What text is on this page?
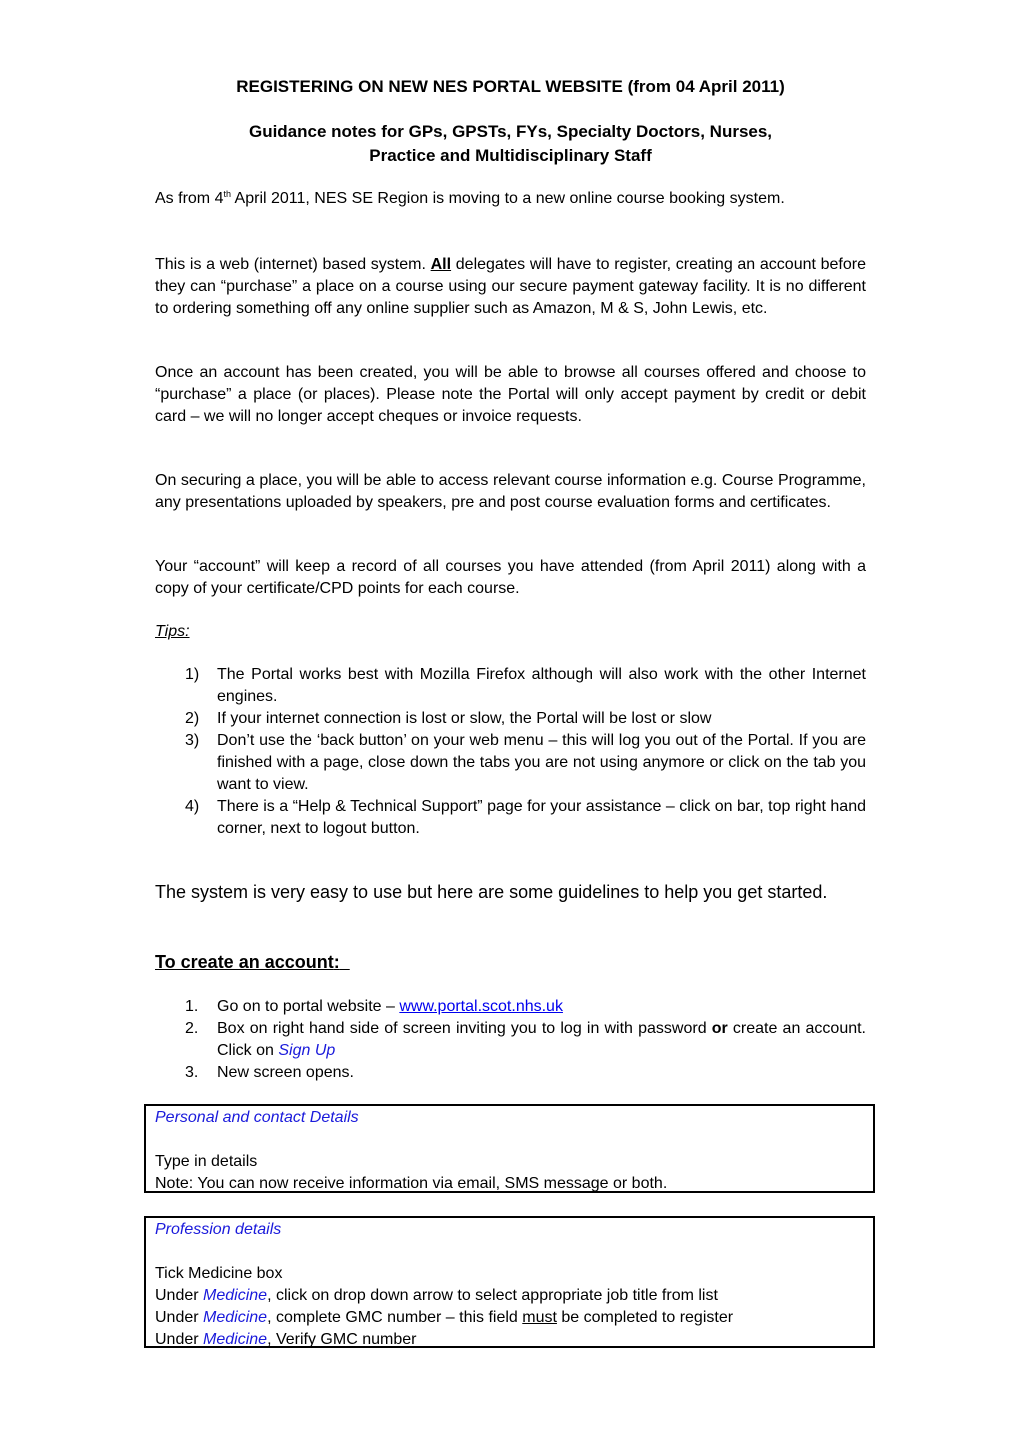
REGISTERING ON NEW NES PORTAL WEBSITE (from 04 April 2011)
Guidance notes for GPs, GPSTs, FYs, Specialty Doctors, Nurses,
Practice and Multidisciplinary Staff

As from 4th April 2011, NES SE Region is moving to a new online course booking system.

This is a web (internet) based system. All delegates will have to register, creating an account before they can “purchase” a place on a course using our secure payment gateway facility. It is no different to ordering something off any online supplier such as Amazon, M & S, John Lewis, etc.

Once an account has been created, you will be able to browse all courses offered and choose to “purchase” a place (or places). Please note the Portal will only accept payment by credit or debit card – we will no longer accept cheques or invoice requests.

On securing a place, you will be able to access relevant course information e.g. Course Programme, any presentations uploaded by speakers, pre and post course evaluation forms and certificates.

Your “account” will keep a record of all courses you have attended (from April 2011) along with a copy of your certificate/CPD points for each course.

Tips:
1) The Portal works best with Mozilla Firefox although will also work with the other Internet engines.
2) If your internet connection is lost or slow, the Portal will be lost or slow
3) Don’t use the ‘back button’ on your web menu – this will log you out of the Portal. If you are finished with a page, close down the tabs you are not using anymore or click on the tab you want to view.
4) There is a “Help & Technical Support” page for your assistance – click on bar, top right hand corner, next to logout button.
The system is very easy to use but here are some guidelines to help you get started.
To create an account:
1. Go on to portal website – www.portal.scot.nhs.uk
2. Box on right hand side of screen inviting you to log in with password or create an account. Click on Sign Up
3. New screen opens.
Personal and contact Details
Type in details
Note: You can now receive information via email, SMS message or both.
Profession details
Tick Medicine box
Under Medicine, click on drop down arrow to select appropriate job title from list
Under Medicine, complete GMC number – this field must be completed to register
Under Medicine, Verify GMC number
